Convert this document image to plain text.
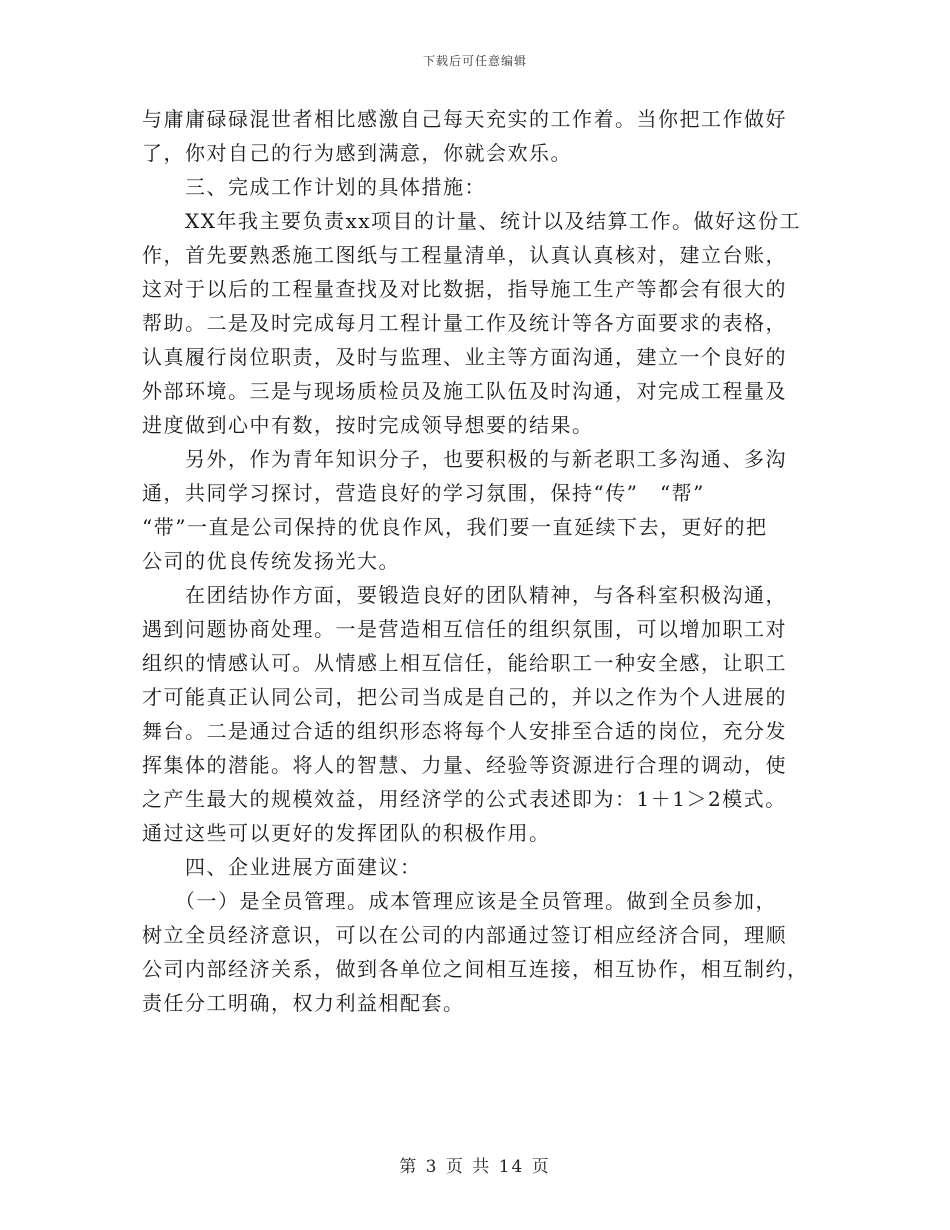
下载后可任意编辑
与庸庸碌碌混世者相比感激自己每天充实的工作着。当你把工作做好
了，你对自己的行为感到满意，你就会欢乐。
　　三、完成工作计划的具体措施：
　　XX年我主要负责xx项目的计量、统计以及结算工作。做好这份工
作，首先要熟悉施工图纸与工程量清单，认真认真核对，建立台账，
这对于以后的工程量查找及对比数据，指导施工生产等都会有很大的
帮助。二是及时完成每月工程计量工作及统计等各方面要求的表格，
认真履行岗位职责，及时与监理、业主等方面沟通，建立一个良好的
外部环境。三是与现场质检员及施工队伍及时沟通，对完成工程量及
进度做到心中有数，按时完成领导想要的结果。
　　另外，作为青年知识分子，也要积极的与新老职工多沟通、多沟
通，共同学习探讨，营造良好的学习氛围，保持“传”　“帮”
“带”一直是公司保持的优良作风，我们要一直延续下去，更好的把
公司的优良传统发扬光大。
　　在团结协作方面，要锻造良好的团队精神，与各科室积极沟通，
遇到问题协商处理。一是营造相互信任的组织氛围，可以增加职工对
组织的情感认可。从情感上相互信任，能给职工一种安全感，让职工
才可能真正认同公司，把公司当成是自己的，并以之作为个人进展的
舞台。二是通过合适的组织形态将每个人安排至合适的岗位，充分发
挥集体的潜能。将人的智慧、力量、经验等资源进行合理的调动，使
之产生最大的规模效益，用经济学的公式表述即为：1＋1＞2模式。
通过这些可以更好的发挥团队的积极作用。
　　四、企业进展方面建议：
　　（一）是全员管理。成本管理应该是全员管理。做到全员参加，
树立全员经济意识，可以在公司的内部通过签订相应经济合同，理顺
公司内部经济关系，做到各单位之间相互连接，相互协作，相互制约，
责任分工明确，权力利益相配套。
第 3 页 共 14 页
